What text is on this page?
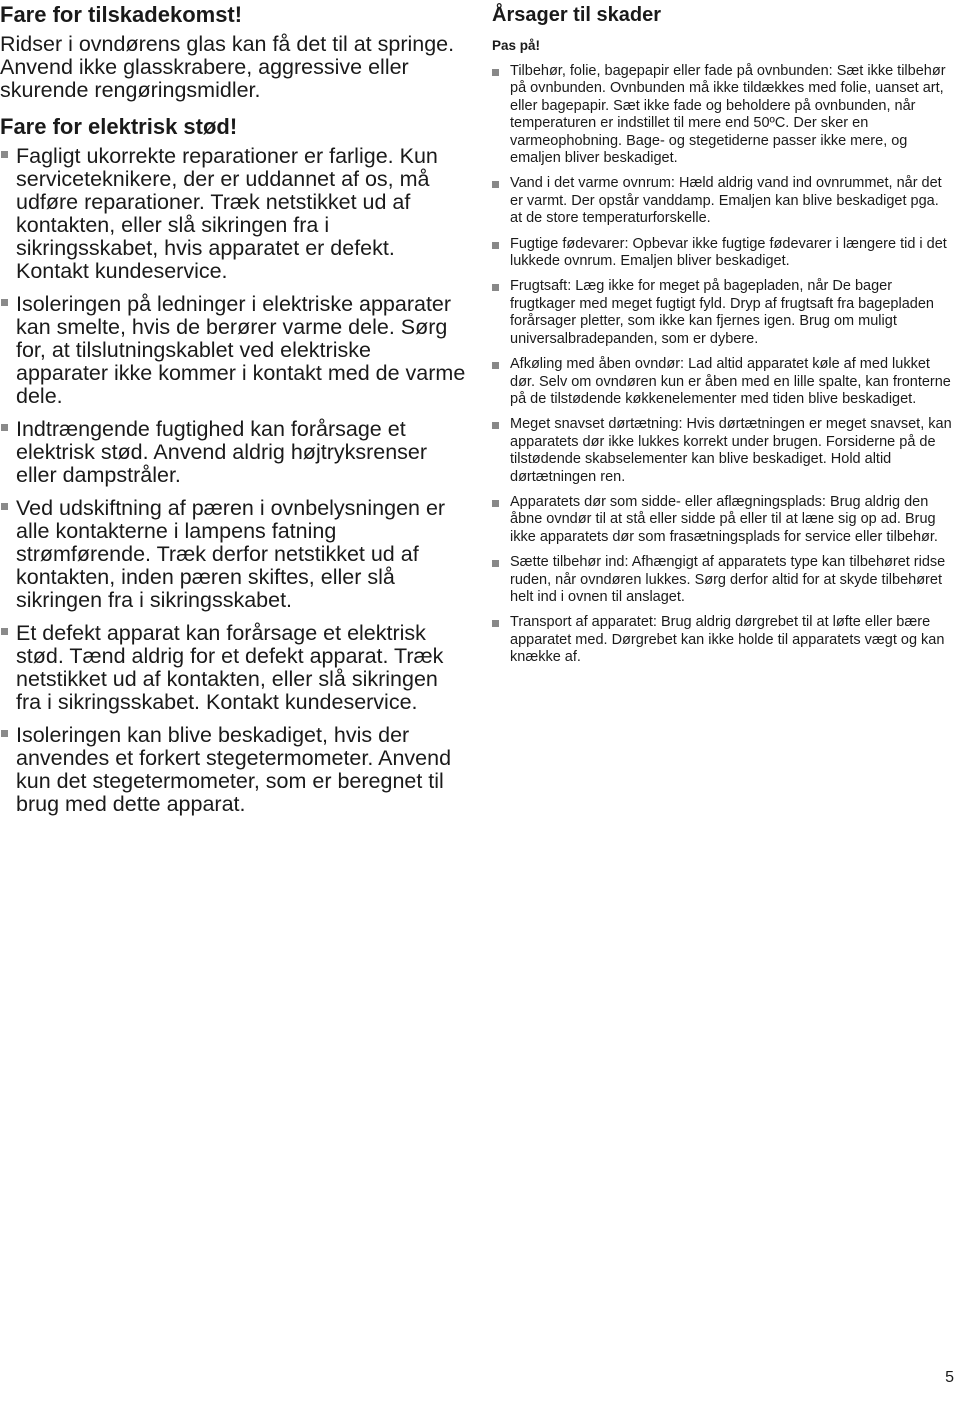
Fare for tilskadekomst!

Ridser i ovndørens glas kan få det til at springe. Anvend ikke glasskrabere, aggressive eller skurende rengøringsmidler.

Fare for elektrisk stød!
Fagligt ukorrekte reparationer er farlige. Kun serviceteknikere, der er uddannet af os, må udføre reparationer. Træk netstikket ud af kontakten, eller slå sikringen fra i sikringsskabet, hvis apparatet er defekt. Kontakt kundeservice.
Isoleringen på ledninger i elektriske apparater kan smelte, hvis de berører varme dele. Sørg for, at tilslutningskablet ved elektriske apparater ikke kommer i kontakt med de varme dele.
Indtrængende fugtighed kan forårsage et elektrisk stød. Anvend aldrig højtryksrenser eller dampstråler.
Ved udskiftning af pæren i ovnbelysningen er alle kontakterne i lampens fatning strømførende. Træk derfor netstikket ud af kontakten, inden pæren skiftes, eller slå sikringen fra i sikringsskabet.
Et defekt apparat kan forårsage et elektrisk stød. Tænd aldrig for et defekt apparat. Træk netstikket ud af kontakten, eller slå sikringen fra i sikringsskabet. Kontakt kundeservice.
Isoleringen kan blive beskadiget, hvis der anvendes et forkert stegetermometer. Anvend kun det stegetermometer, som er beregnet til brug med dette apparat.
Årsager til skader
Pas på!
Tilbehør, folie, bagepapir eller fade på ovnbunden: Sæt ikke tilbehør på ovnbunden. Ovnbunden må ikke tildækkes med folie, uanset art, eller bagepapir. Sæt ikke fade og beholdere på ovnbunden, når temperaturen er indstillet til mere end 50ºC. Der sker en varmeophobning. Bage- og stegetiderne passer ikke mere, og emaljen bliver beskadiget.
Vand i det varme ovnrum: Hæld aldrig vand ind ovnrummet, når det er varmt. Der opstår vanddamp. Emaljen kan blive beskadiget pga. at de store temperaturforskelle.
Fugtige fødevarer: Opbevar ikke fugtige fødevarer i længere tid i det lukkede ovnrum. Emaljen bliver beskadiget.
Frugtsaft: Læg ikke for meget på bagepladen, når De bager frugtkager med meget fugtigt fyld. Dryp af frugtsaft fra bagepladen forårsager pletter, som ikke kan fjernes igen. Brug om muligt universalbradepanden, som er dybere.
Afkøling med åben ovndør: Lad altid apparatet køle af med lukket dør. Selv om ovndøren kun er åben med en lille spalte, kan fronterne på de tilstødende køkkenelementer med tiden blive beskadiget.
Meget snavset dørtætning: Hvis dørtætningen er meget snavset, kan apparatets dør ikke lukkes korrekt under brugen. Forsiderne på de tilstødende skabselementer kan blive beskadiget. Hold altid dørtætningen ren.
Apparatets dør som sidde- eller aflægningsplads: Brug aldrig den åbne ovndør til at stå eller sidde på eller til at læne sig op ad. Brug ikke apparatets dør som frasætningsplads for service eller tilbehør.
Sætte tilbehør ind: Afhængigt af apparatets type kan tilbehøret ridse ruden, når ovndøren lukkes. Sørg derfor altid for at skyde tilbehøret helt ind i ovnen til anslaget.
Transport af apparatet: Brug aldrig dørgrebet til at løfte eller bære apparatet med. Dørgrebet kan ikke holde til apparatets vægt og kan knække af.
5
